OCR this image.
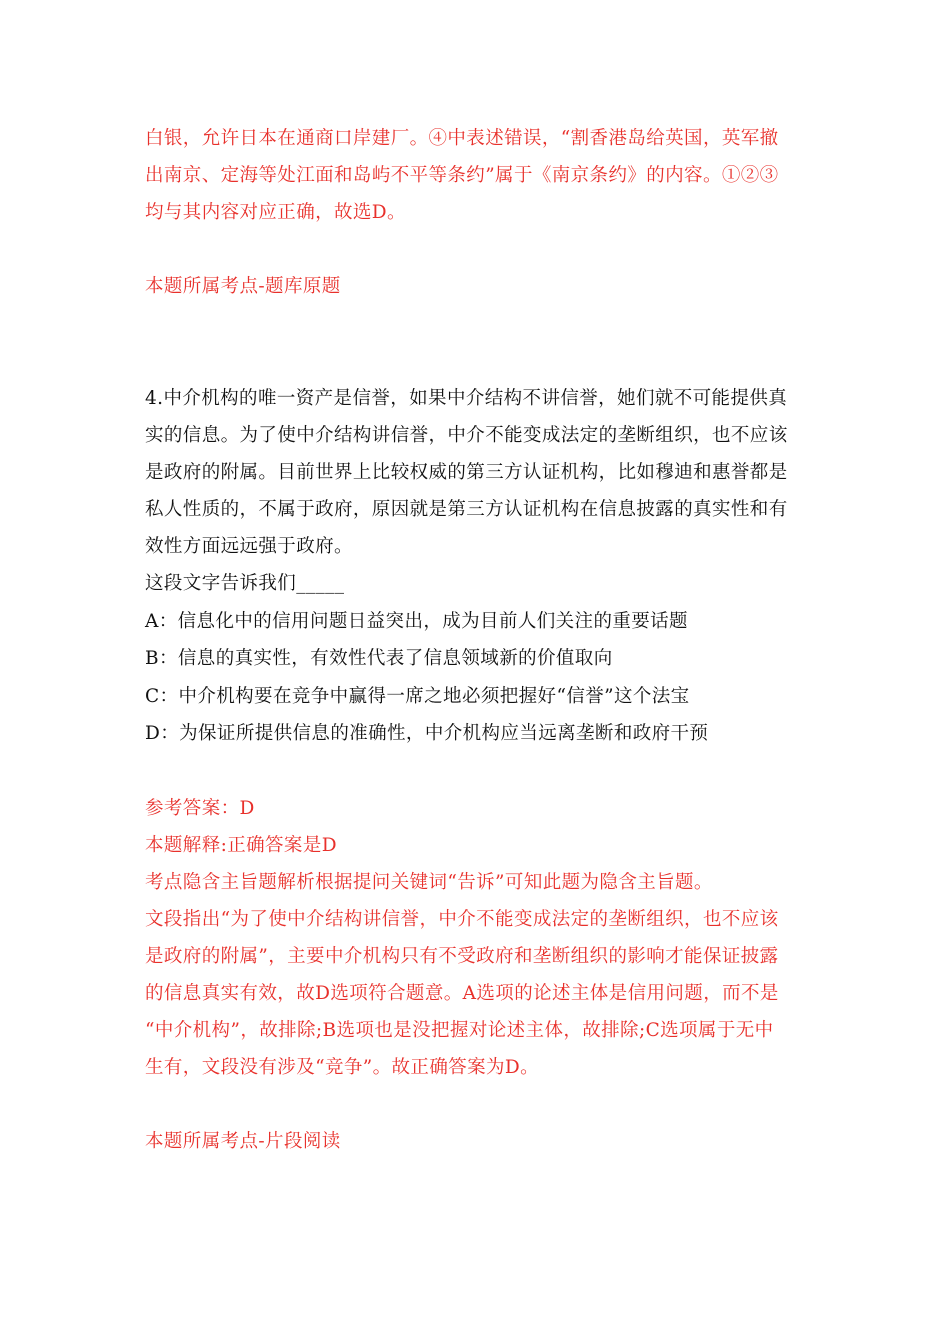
白银，允许日本在通商口岸建厂。④中表述错误，“割香港岛给英国，英军撤
出南京、定海等处江面和岛屿不平等条约”属于《南京条约》的内容。①②③
均与其内容对应正确，故选D。
本题所属考点-题库原题
4.中介机构的唯一资产是信誉，如果中介结构不讲信誉，她们就不可能提供真
实的信息。为了使中介结构讲信誉，中介不能变成法定的垄断组织，也不应该
是政府的附属。目前世界上比较权威的第三方认证机构，比如穆迪和惠誉都是
私人性质的，不属于政府，原因就是第三方认证机构在信息披露的真实性和有
效性方面远远强于政府。
这段文字告诉我们_____
A：信息化中的信用问题日益突出，成为目前人们关注的重要话题
B：信息的真实性，有效性代表了信息领域新的价值取向
C：中介机构要在竞争中赢得一席之地必须把握好“信誉”这个法宝
D：为保证所提供信息的准确性，中介机构应当远离垄断和政府干预
参考答案：D
本题解释:正确答案是D
考点隐含主旨题解析根据提问关键词“告诉”可知此题为隐含主旨题。
文段指出“为了使中介结构讲信誉，中介不能变成法定的垄断组织，也不应该
是政府的附属”，主要中介机构只有不受政府和垄断组织的影响才能保证披露
的信息真实有效，故D选项符合题意。A选项的论述主体是信用问题，而不是
“中介机构”，故排除;B选项也是没把握对论述主体，故排除;C选项属于无中
生有，文段没有涉及“竞争”。故正确答案为D。
本题所属考点-片段阅读
